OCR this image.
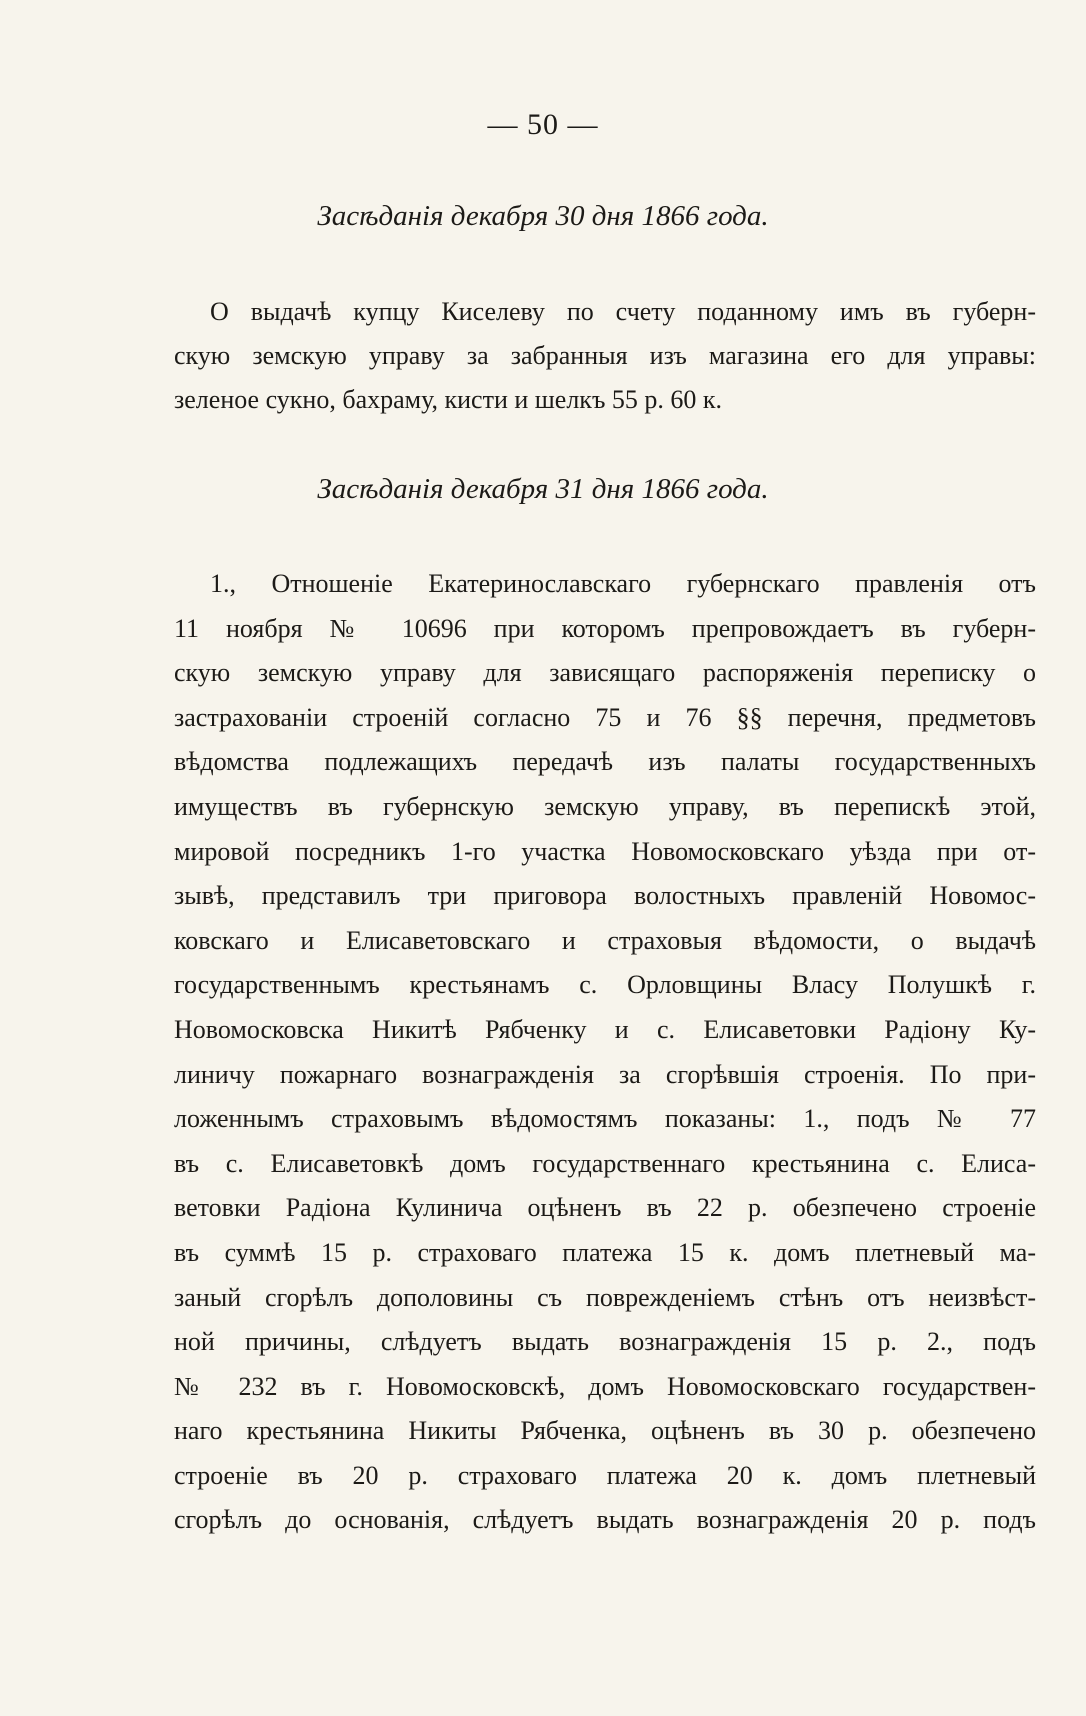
— 50 —
Засѣданія декабря 30 дня 1866 года.
О выдачѣ купцу Киселеву по счету поданному имъ въ губерн-
скую земскую управу за забранныя изъ магазина его для управы:
зеленое сукно, бахраму, кисти и шелкъ 55 р. 60 к.
Засѣданія декабря 31 дня 1866 года.
1., Отношеніе Екатеринославскаго губернскаго правленія отъ
11 ноября № 10696 при которомъ препровождаетъ въ губерн-
скую земскую управу для зависящаго распоряженія переписку о
застрахованіи строеній согласно 75 и 76 §§ перечня, предметовъ
вѣдомства подлежащихъ передачѣ изъ палаты государственныхъ
имуществъ въ губернскую земскую управу, въ перепискѣ этой,
мировой посредникъ 1-го участка Новомосковскаго уѣзда при от-
зывѣ, представилъ три приговора волостныхъ правленій Новомос-
ковскаго и Елисаветовскаго и страховыя вѣдомости, о выдачѣ
государственнымъ крестьянамъ с. Орловщины Власу Полушкѣ г.
Новомосковска Никитѣ Рябченку и с. Елисаветовки Радіону Ку-
линичу пожарнаго вознагражденія за сгорѣвшія строенія. По при-
ложеннымъ страховымъ вѣдомостямъ показаны: 1., подъ № 77
въ с. Елисаветовкѣ домъ государственнаго крестьянина с. Елиса-
ветовки Радіона Кулинича оцѣненъ въ 22 р. обезпечено строеніе
въ суммѣ 15 р. страховаго платежа 15 к. домъ плетневый ма-
заный сгорѣлъ дополовины съ поврежденіемъ стѣнъ отъ неизвѣст-
ной причины, слѣдуетъ выдать вознагражденія 15 р. 2., подъ
№ 232 въ г. Новомосковскѣ, домъ Новомосковскаго государствен-
наго крестьянина Никиты Рябченка, оцѣненъ въ 30 р. обезпечено
строеніе въ 20 р. страховаго платежа 20 к. домъ плетневый
сгорѣлъ до основанія, слѣдуетъ выдать вознагражденія 20 р. подъ
